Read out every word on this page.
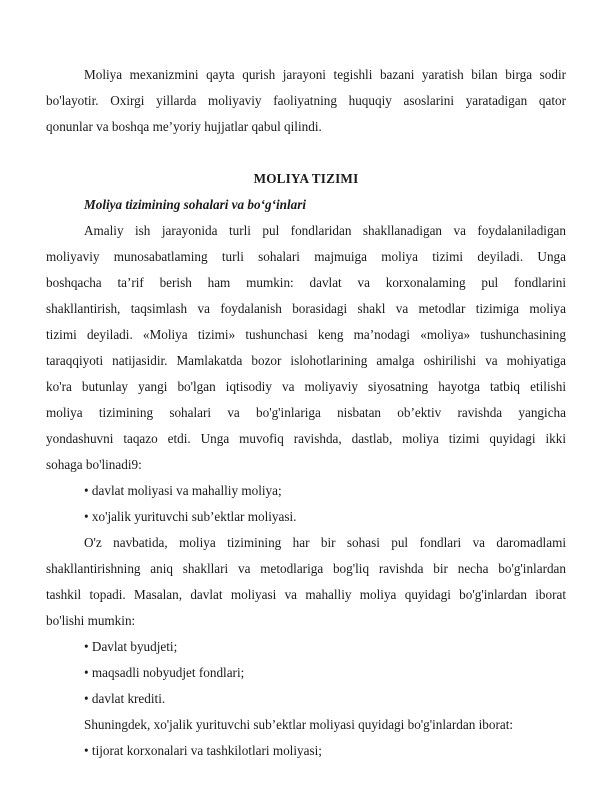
Moliya mexanizmini qayta qurish jarayoni tegishli bazani yaratish bilan birga sodir
bo'layotir. Oxirgi yillarda moliyaviy faoliyatning huquqiy asoslarini yaratadigan qator
qonunlar va boshqa me’yoriy hujjatlar qabul qilindi.

MOLIYA TIZIMI

Moliya tizimining sohalari va bo‘g‘inlari

Amaliy ish jarayonida turli pul fondlaridan shakllanadigan va foydalaniladigan
moliyaviy munosabatlaming turli sohalari majmuiga moliya tizimi deyiladi. Unga
boshqacha ta’rif berish ham mumkin: davlat va korxonalaming pul fondlarini
shakllantirish, taqsimlash va foydalanish borasidagi shakl va metodlar tizimiga moliya
tizimi deyiladi. «Moliya tizimi» tushunchasi keng ma’nodagi «moliya» tushunchasining
taraqqiyoti natijasidir. Mamlakatda bozor islohotlarining amalga oshirilishi va mohiyatiga
ko'ra butunlay yangi bo'lgan iqtisodiy va moliyaviy siyosatning hayotga tatbiq etilishi
moliya tizimining sohalari va bo'g'inlariga nisbatan ob’ektiv ravishda yangicha
yondashuvni taqazo etdi. Unga muvofiq ravishda, dastlab, moliya tizimi quyidagi ikki
sohaga bo'linadi9:
• davlat moliyasi va mahalliy moliya;
• xo'jalik yurituvchi sub’ektlar moliyasi.
O'z navbatida, moliya tizimining har bir sohasi pul fondlari va daromadlami
shakllantirishning aniq shakllari va metodlariga bog'liq ravishda bir necha bo'g'inlardan
tashkil topadi. Masalan, davlat moliyasi va mahalliy moliya quyidagi bo'g'inlardan iborat
bo'lishi mumkin:
• Davlat byudjeti;
• maqsadli nobyudjet fondlari;
• davlat krediti.

Shuningdek, xo'jalik yurituvchi sub’ektlar moliyasi quyidagi bo'g'inlardan iborat:

• tijorat korxonalari va tashkilotlari moliyasi;
